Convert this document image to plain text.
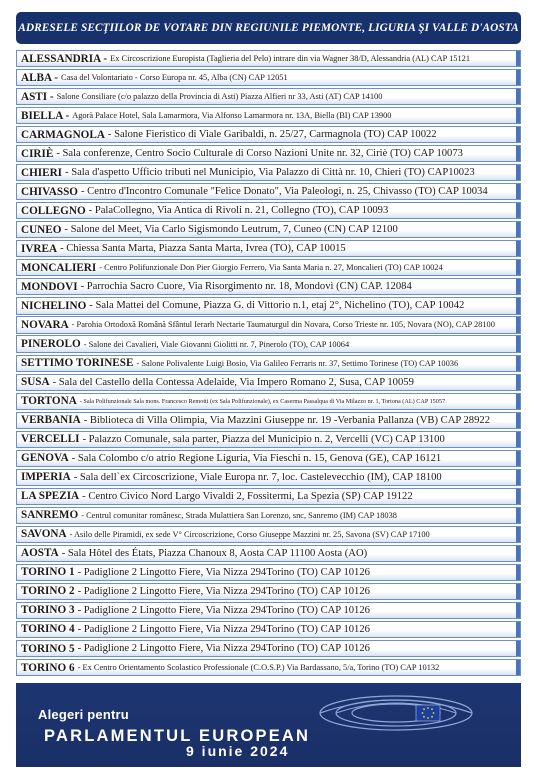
ADRESELE SECŢIILOR DE VOTARE DIN REGIUNILE PIEMONTE, LIGURIA ŞI VALLE D'AOSTA
ALESSANDRIA - Ex Circoscrizione Europista (Taglieria del Pelo) intrare din via Wagner 38/D, Alessandria (AL) CAP 15121
ALBA - Casa del Volontariato - Corso Europa nr. 45, Alba (CN) CAP 12051
ASTI - Salone Consiliare (c/o palazzo della Provincia di Asti) Piazza Alfieri nr 33, Asti (AT) CAP 14100
BIELLA - Agorà Palace Hotel, Sala Lamarmora, Via Alfonso Lamarmora nr. 13A, Biella (BI) CAP 13900
CARMAGNOLA - Salone Fieristico di Viale Garibaldi, n. 25/27, Carmagnola (TO) CAP 10022
CIRIÈ - Sala conferenze, Centro Socio Culturale di Corso Nazioni Unite nr. 32, Ciriè (TO) CAP 10073
CHIERI - Sala d'aspetto Ufficio tributi nel Municipio, Via Palazzo di Città nr. 10, Chieri (TO) CAP10023
CHIVASSO - Centro d'Incontro Comunale "Felice Donato", Via Paleologi, n. 25, Chivasso (TO) CAP 10034
COLLEGNO - PalaCollegno, Via Antica di Rivoli n. 21, Collegno (TO), CAP 10093
CUNEO - Salone del Meet, Via Carlo Sigismondo Leutrum, 7, Cuneo (CN) CAP 12100
IVREA - Chiessa Santa Marta, Piazza Santa Marta, Ivrea (TO), CAP 10015
MONCALIERI - Centro Polifunzionale Don Pier Giorgio Ferrero, Via Santa Maria n. 27, Moncalieri (TO) CAP 10024
MONDOVI - Parrochia Sacro Cuore, Via Risorgimento nr. 18, Mondovì (CN) CAP. 12084
NICHELINO - Sala Mattei del Comune, Piazza G. di Vittorio n.1, etaj 2°, Nichelino (TO), CAP 10042
NOVARA - Parohia Ortodoxă Română Sfântul Ierarh Nectarie Taumaturgul din Novara, Corso Trieste nr. 105, Novara (NO), CAP 28100
PINEROLO - Salone dei Cavalieri, Viale Giovanni Giolitti nr. 7, Pinerolo (TO), CAP 10064
SETTIMO TORINESE - Salone Polivalente Luigi Bosio, Via Galileo Ferraris nr. 37, Settimo Torinese (TO) CAP 10036
SUSA - Sala del Castello della Contessa Adelaide, Via Impero Romano 2, Susa, CAP 10059
TORTONA - Sala Polifunzionale Sala mons. Francesco Remotti (ex Sala Polifunzionale), ex Caserma Passalqua di Via Milazzo nr. 1, Tortona (AL) CAP 15057
VERBANIA - Biblioteca di Villa Olimpia, Via Mazzini Giuseppe nr. 19 -Verbania Pallanza (VB) CAP 28922
VERCELLI - Palazzo Comunale, sala parter, Piazza del Municipio n. 2, Vercelli (VC) CAP 13100
GENOVA - Sala Colombo c/o atrio Regione Liguria, Via Fieschi n. 15, Genova (GE), CAP 16121
IMPERIA - Sala dell`ex Circoscrizione, Viale Europa nr. 7, loc. Castelevecchio (IM), CAP 18100
LA SPEZIA - Centro Civico Nord Largo Vivaldi 2, Fossitermi, La Spezia (SP) CAP 19122
SANREMO - Centrul comunitar românesc, Strada Mulattiera San Lorenzo, snc, Sanremo (IM) CAP 18038
SAVONA - Asilo delle Piramidi, ex sede V° Circoscrizione, Corso Giuseppe Mazzini nr. 25, Savona (SV) CAP 17100
AOSTA - Sala Hôtel des États, Piazza Chanoux 8, Aosta CAP 11100 Aosta (AO)
TORINO 1 - Padiglione 2 Lingotto Fiere, Via Nizza 294Torino (TO) CAP 10126
TORINO 2 - Padiglione 2 Lingotto Fiere, Via Nizza 294Torino (TO) CAP 10126
TORINO 3 - Padiglione 2 Lingotto Fiere, Via Nizza 294Torino (TO) CAP 10126
TORINO 4 - Padiglione 2 Lingotto Fiere, Via Nizza 294Torino (TO) CAP 10126
TORINO 5 - Padiglione 2 Lingotto Fiere, Via Nizza 294Torino (TO) CAP 10126
TORINO 6 - Ex Centro Orientamento Scolastico Professionale (C.O.S.P.) Via Bardassano, 5/a, Torino (TO) CAP 10132
Alegeri pentru
PARLAMENTUL EUROPEAN
9 iunie 2024
